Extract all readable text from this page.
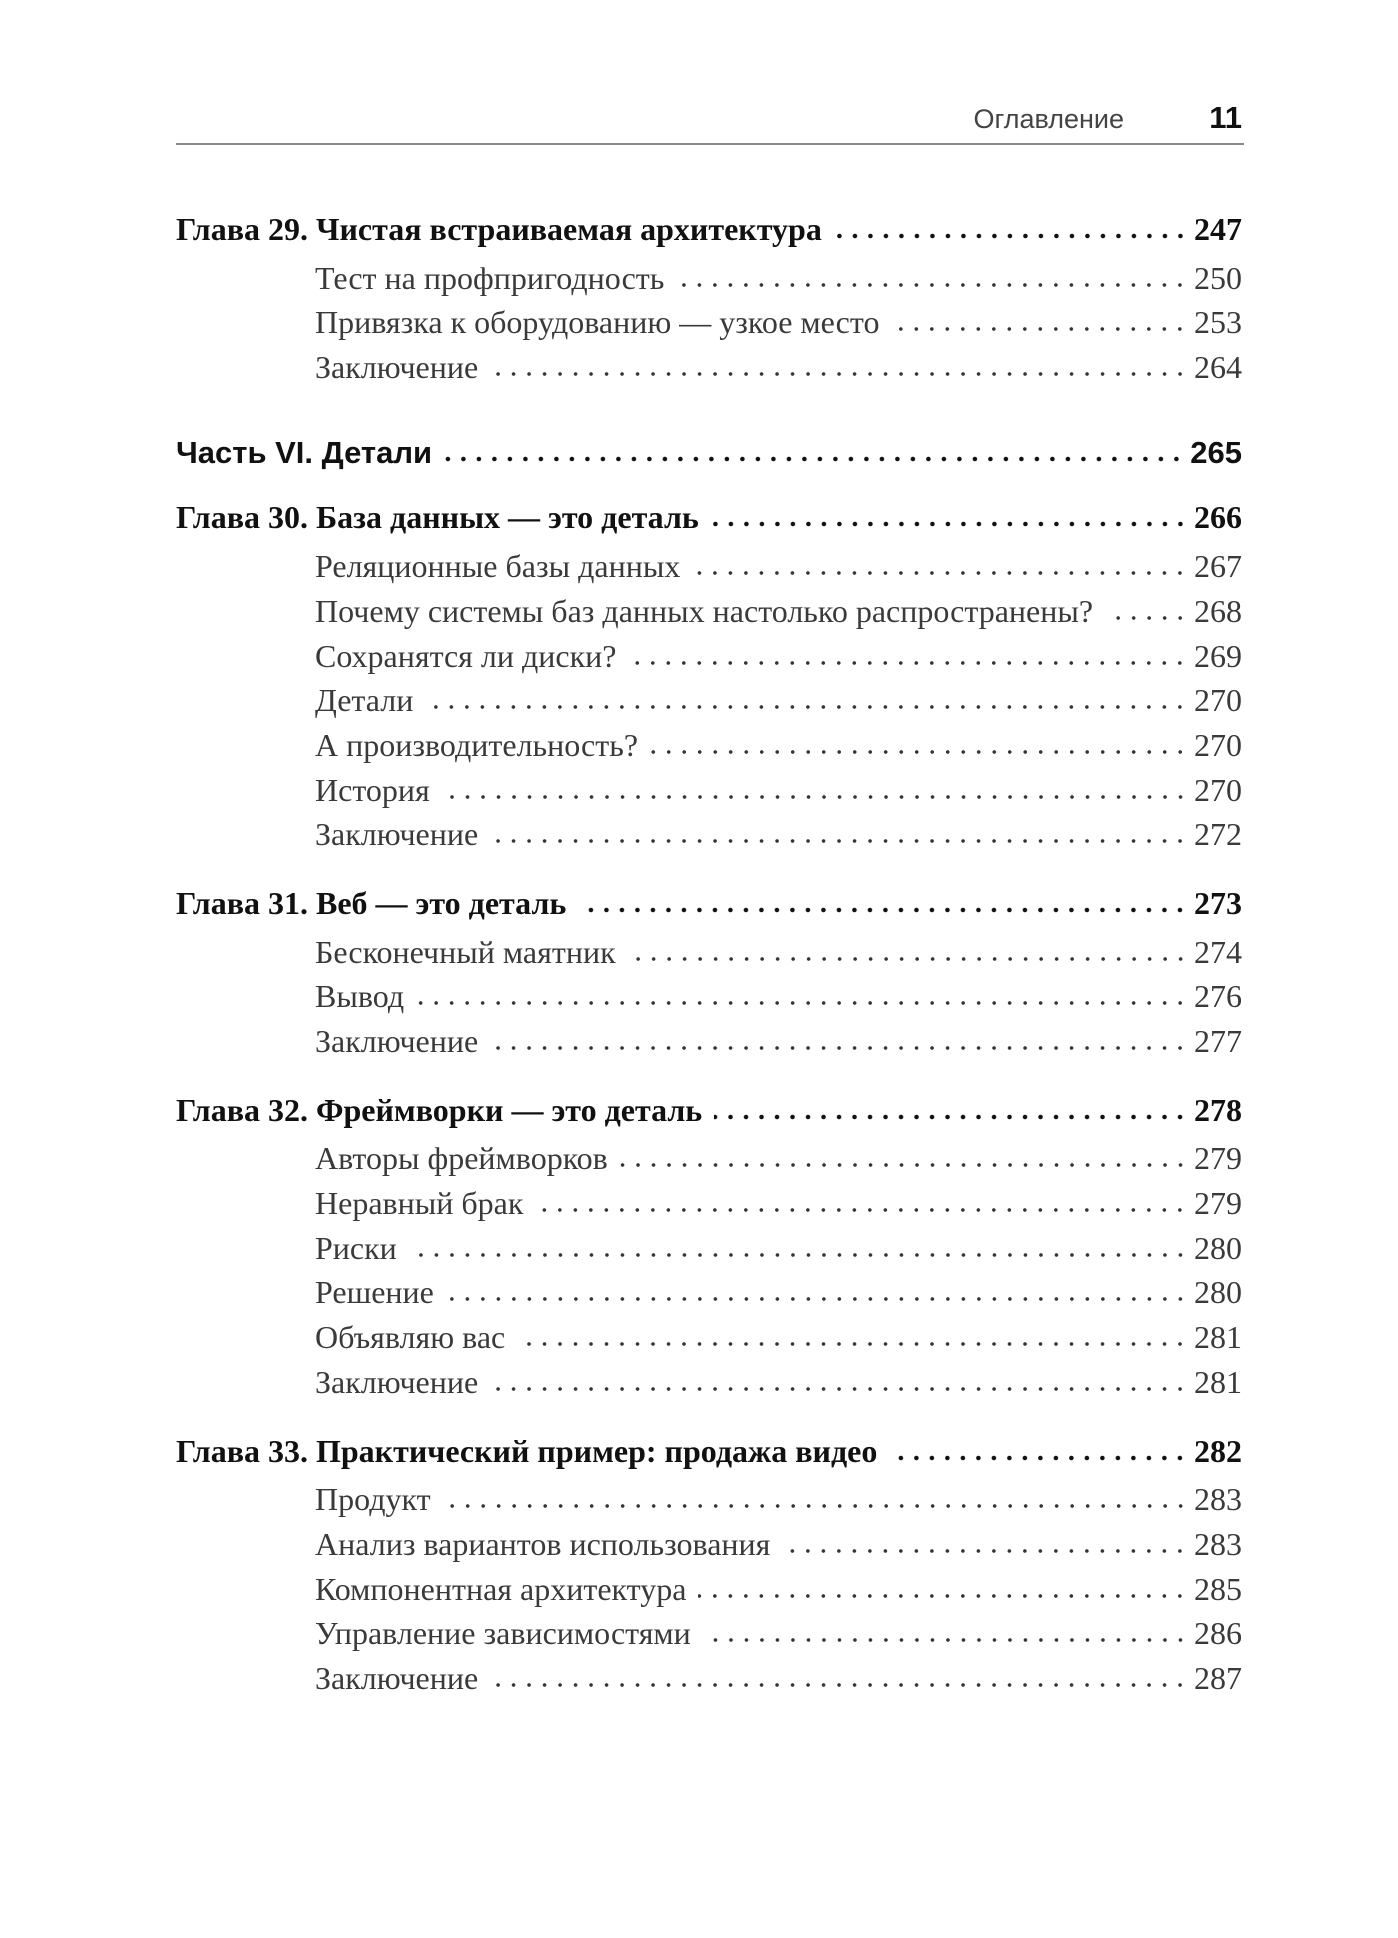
Оглавление	11
Глава 29. Чистая встраиваемая архитектура	247
Тест на профпригодность	250
Привязка к оборудованию — узкое место	253
Заключение	264
Часть VI. Детали	265
Глава 30. База данных — это деталь	266
Реляционные базы данных	267
Почему системы баз данных настолько распространены?	268
Сохранятся ли диски?	269
Детали	270
А производительность?	270
История	270
Заключение	272
Глава 31. Веб — это деталь	273
Бесконечный маятник	274
Вывод	276
Заключение	277
Глава 32. Фреймворки — это деталь	278
Авторы фреймворков	279
Неравный брак	279
Риски	280
Решение	280
Объявляю вас	281
Заключение	281
Глава 33. Практический пример: продажа видео	282
Продукт	283
Анализ вариантов использования	283
Компонентная архитектура	285
Управление зависимостями	286
Заключение	287
